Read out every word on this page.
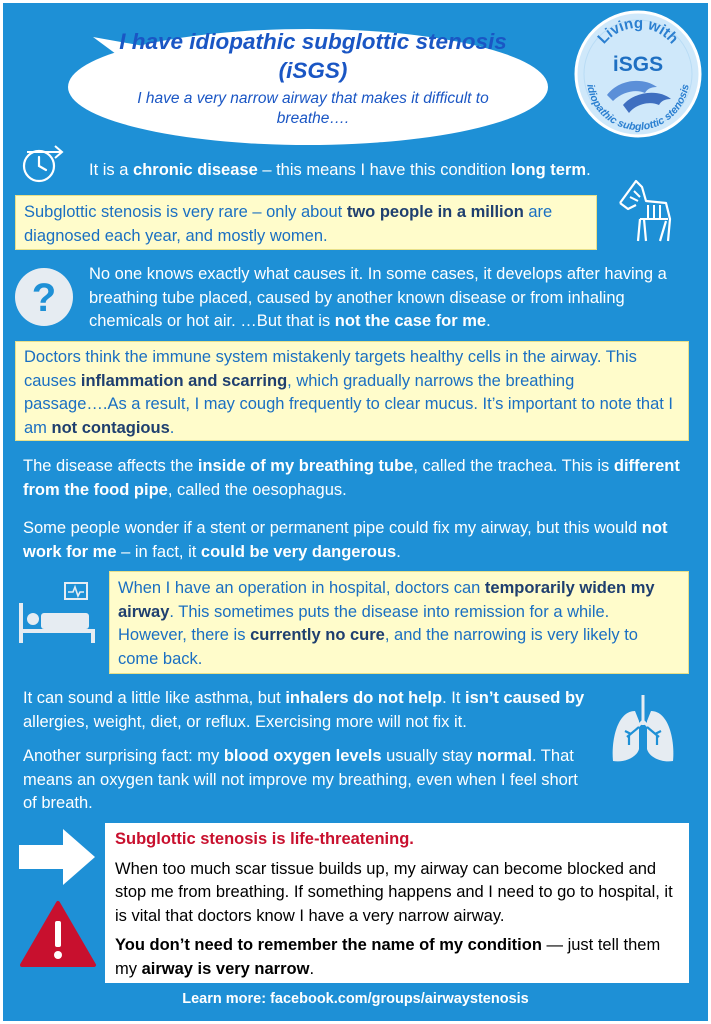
I have idiopathic subglottic stenosis (iSGS)
I have a very narrow airway that makes it difficult to breathe….
Living with
iSGS
idiopathic subglottic stenosis

It is a chronic disease – this means I have this condition long term.

Subglottic stenosis is very rare – only about two people in a million are diagnosed each year, and mostly women.

?

No one knows exactly what causes it. In some cases, it develops after having a breathing tube placed, caused by another known disease or from inhaling chemicals or hot air. …But that is not the case for me.

Doctors think the immune system mistakenly targets healthy cells in the airway. This causes inflammation and scarring, which gradually narrows the breathing passage….As a result, I may cough frequently to clear mucus. It’s important to note that I am not contagious.

The disease affects the inside of my breathing tube, called the trachea. This is different from the food pipe, called the oesophagus.

Some people wonder if a stent or permanent pipe could fix my airway, but this would not work for me – in fact, it could be very dangerous.

When I have an operation in hospital, doctors can temporarily widen my airway. This sometimes puts the disease into remission for a while. However, there is currently no cure, and the narrowing is very likely to come back.

It can sound a little like asthma, but inhalers do not help. It isn’t caused by allergies, weight, diet, or reflux. Exercising more will not fix it.

Another surprising fact: my blood oxygen levels usually stay normal. That means an oxygen tank will not improve my breathing, even when I feel short of breath.

Subglottic stenosis is life-threatening.

When too much scar tissue builds up, my airway can become blocked and stop me from breathing. If something happens and I need to go to hospital, it is vital that doctors know I have a very narrow airway.

You don’t need to remember the name of my condition — just tell them my airway is very narrow.

Learn more: facebook.com/groups/airwaystenosis
